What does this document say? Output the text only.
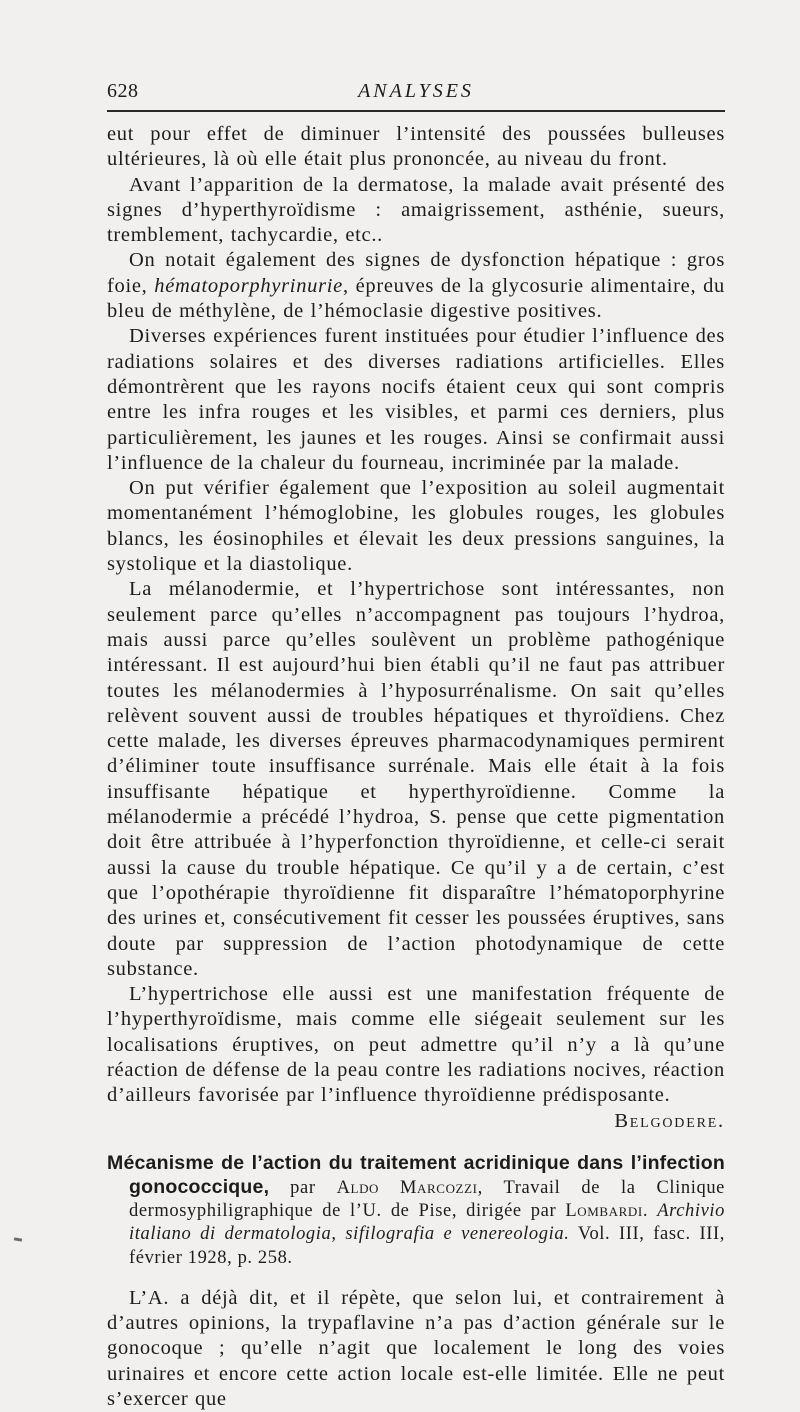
628	ANALYSES

eut pour effet de diminuer l’intensité des poussées bulleuses ultérieures, là où elle était plus prononcée, au niveau du front.

Avant l’apparition de la dermatose, la malade avait présenté des signes d’hyperthyroïdisme : amaigrissement, asthénie, sueurs, tremblement, tachycardie, etc..

On notait également des signes de dysfonction hépatique : gros foie, hématoporphyrinurie, épreuves de la glycosurie alimentaire, du bleu de méthylène, de l’hémoclasie digestive positives.

Diverses expériences furent instituées pour étudier l’influence des radiations solaires et des diverses radiations artificielles. Elles démontrèrent que les rayons nocifs étaient ceux qui sont compris entre les infra rouges et les visibles, et parmi ces derniers, plus particulièrement, les jaunes et les rouges. Ainsi se confirmait aussi l’influence de la chaleur du fourneau, incriminée par la malade.

On put vérifier également que l’exposition au soleil augmentait momentanément l’hémoglobine, les globules rouges, les globules blancs, les éosinophiles et élevait les deux pressions sanguines, la systolique et la diastolique.

La mélanodermie, et l’hypertrichose sont intéressantes, non seulement parce qu’elles n’accompagnent pas toujours l’hydroa, mais aussi parce qu’elles soulèvent un problème pathogénique intéressant. Il est aujourd’hui bien établi qu’il ne faut pas attribuer toutes les mélanodermies à l’hyposurrénalisme. On sait qu’elles relèvent souvent aussi de troubles hépatiques et thyroïdiens. Chez cette malade, les diverses épreuves pharmacodynamiques permirent d’éliminer toute insuffisance surrénale. Mais elle était à la fois insuffisante hépatique et hyperthyroïdienne. Comme la mélanodermie a précédé l’hydroa, S. pense que cette pigmentation doit être attribuée à l’hyperfonction thyroïdienne, et celle-ci serait aussi la cause du trouble hépatique. Ce qu’il y a de certain, c’est que l’opothérapie thyroïdienne fit disparaître l’hématoporphyrine des urines et, consécutivement fit cesser les poussées éruptives, sans doute par suppression de l’action photodynamique de cette substance.

L’hypertrichose elle aussi est une manifestation fréquente de l’hyperthyroïdisme, mais comme elle siégeait seulement sur les localisations éruptives, on peut admettre qu’il n’y a là qu’une réaction de défense de la peau contre les radiations nocives, réaction d’ailleurs favorisée par l’influence thyroïdienne prédisposante.
Belgodere.

Mécanisme de l’action du traitement acridinique dans l’infection gonococcique, par Aldo Marcozzi, Travail de la Clinique dermosyphiligraphique de l’U. de Pise, dirigée par Lombardi. Archivio italiano di dermatologia, sifilografia e venereologia. Vol. III, fasc. III, février 1928, p. 258.

L’A. a déjà dit, et il répète, que selon lui, et contrairement à d’autres opinions, la trypaflavine n’a pas d’action générale sur le gonocoque ; qu’elle n’agit que localement le long des voies urinaires et encore cette action locale est-elle limitée. Elle ne peut s’exercer que
